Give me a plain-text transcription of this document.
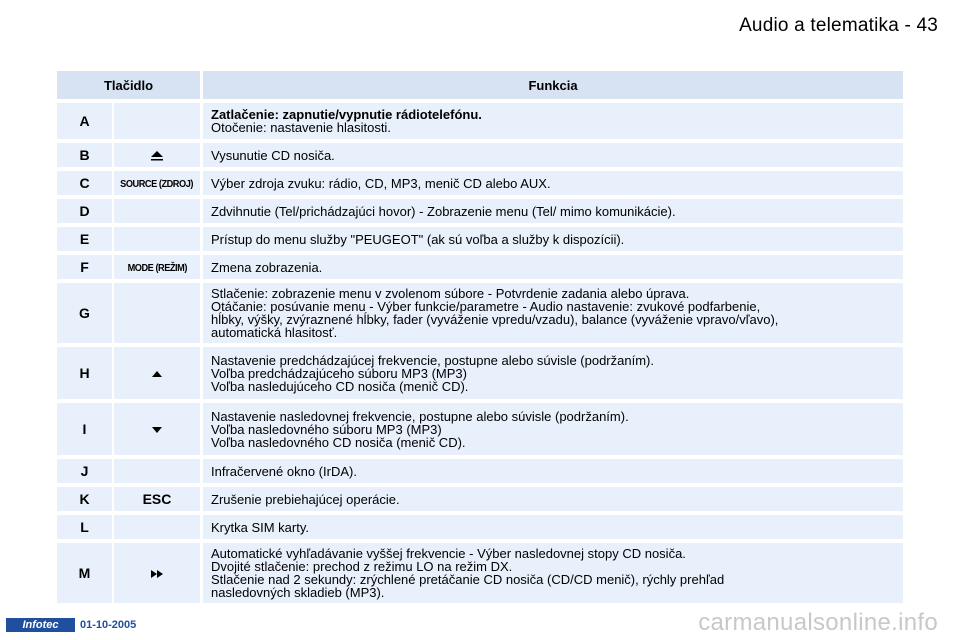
Audio a telematika - 43
Tlačidlo				Funkcia
A				Zatlačenie: zapnutie/vypnutie rádiotelefónu.
Otočenie: nastavenie hlasitosti.

B				Vysunutie CD nosiča.

C		SOURCE (ZDROJ)		Výber zdroja zvuku: rádio, CD, MP3, menič CD alebo AUX.

D				Zdvihnutie (Tel/prichádzajúci hovor) - Zobrazenie menu (Tel/ mimo komunikácie).

E				Prístup do menu služby "PEUGEOT" (ak sú voľba a služby k dispozícii).

F		MODE (REŽIM)		Zmena zobrazenia.

G				Stlačenie: zobrazenie menu v zvolenom súbore - Potvrdenie zadania alebo úprava.
Otáčanie: posúvanie menu - Výber funkcie/parametre - Audio nastavenie: zvukové podfarbenie,
hĺbky, výšky, zvýraznené hĺbky, fader (vyváženie vpredu/vzadu), balance (vyváženie vpravo/vľavo),
automatická hlasitosť.

H				Nastavenie predchádzajúcej frekvencie, postupne alebo súvisle (podržaním).
Voľba predchádzajúceho súboru MP3 (MP3)
Voľba nasledujúceho CD nosiča (menič CD).

I				Nastavenie nasledovnej frekvencie, postupne alebo súvisle (podržaním).
Voľba nasledovného súboru MP3 (MP3)
Voľba nasledovného CD nosiča (menič CD).

J				Infračervené okno (IrDA).

K		ESC		Zrušenie prebiehajúcej operácie.

L				Krytka SIM karty.

M				Automatické vyhľadávanie vyššej frekvencie - Výber nasledovnej stopy CD nosiča.
Dvojité stlačenie: prechod z režimu LO na režim DX.
Stlačenie nad 2 sekundy: zrýchlené pretáčanie CD nosiča (CD/CD menič), rýchly prehľad
nasledovných skladieb (MP3).
Infotec	01-10-2005	carmanualsonline.info
